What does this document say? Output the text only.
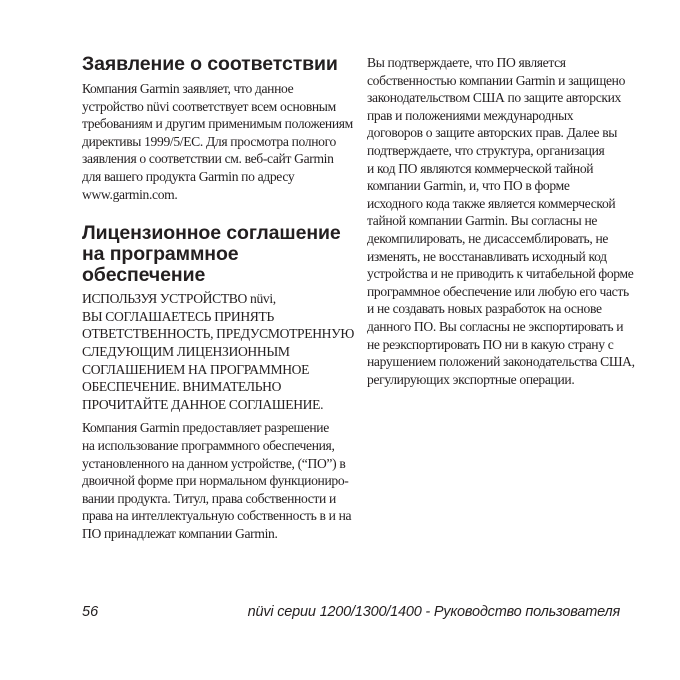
Заявление о соответствии

Компания Garmin заявляет, что данное
устройство nüvi соответствует всем основным
требованиям и другим применимым положениям
директивы 1999/5/EC. Для просмотра полного
заявления о соответствии см. веб-сайт Garmin
для вашего продукта Garmin по адресу
www.garmin.com.

Лицензионное соглашение
на программное
обеспечение

ИСПОЛЬЗУЯ УСТРОЙСТВО nüvi,
ВЫ СОГЛАШАЕТЕСЬ ПРИНЯТЬ
ОТВЕТСТВЕННОСТЬ, ПРЕДУСМОТРЕННУЮ
СЛЕДУЮЩИМ ЛИЦЕНЗИОННЫМ
СОГЛАШЕНИЕМ НА ПРОГРАММНОЕ
ОБЕСПЕЧЕНИЕ. ВНИМАТЕЛЬНО
ПРОЧИТАЙТЕ ДАННОЕ СОГЛАШЕНИЕ.

Компания Garmin предоставляет разрешение
на использование программного обеспечения,
установленного на данном устройстве, (“ПО”) в
двоичной форме при нормальном функциониро-
вании продукта. Титул, права собственности и
права на интеллектуальную собственность в и на
ПО принадлежат компании Garmin.

Вы подтверждаете, что ПО является
собственностью компании Garmin и защищено
законодательством США по защите авторских
прав и положениями международных
договоров о защите авторских прав. Далее вы
подтверждаете, что структура, организация
и код ПО являются коммерческой тайной
компании Garmin, и, что ПО в форме
исходного кода также является коммерческой
тайной компании Garmin. Вы согласны не
декомпилировать, не дисассемблировать, не
изменять, не восстанавливать исходный код
устройства и не приводить к читабельной форме
программное обеспечение или любую его часть
и не создавать новых разработок на основе
данного ПО. Вы согласны не экспортировать и
не реэкспортировать ПО ни в какую страну с
нарушением положений законодательства США,
регулирующих экспортные операции.

56	nüvi серии 1200/1300/1400 - Руководство пользователя
